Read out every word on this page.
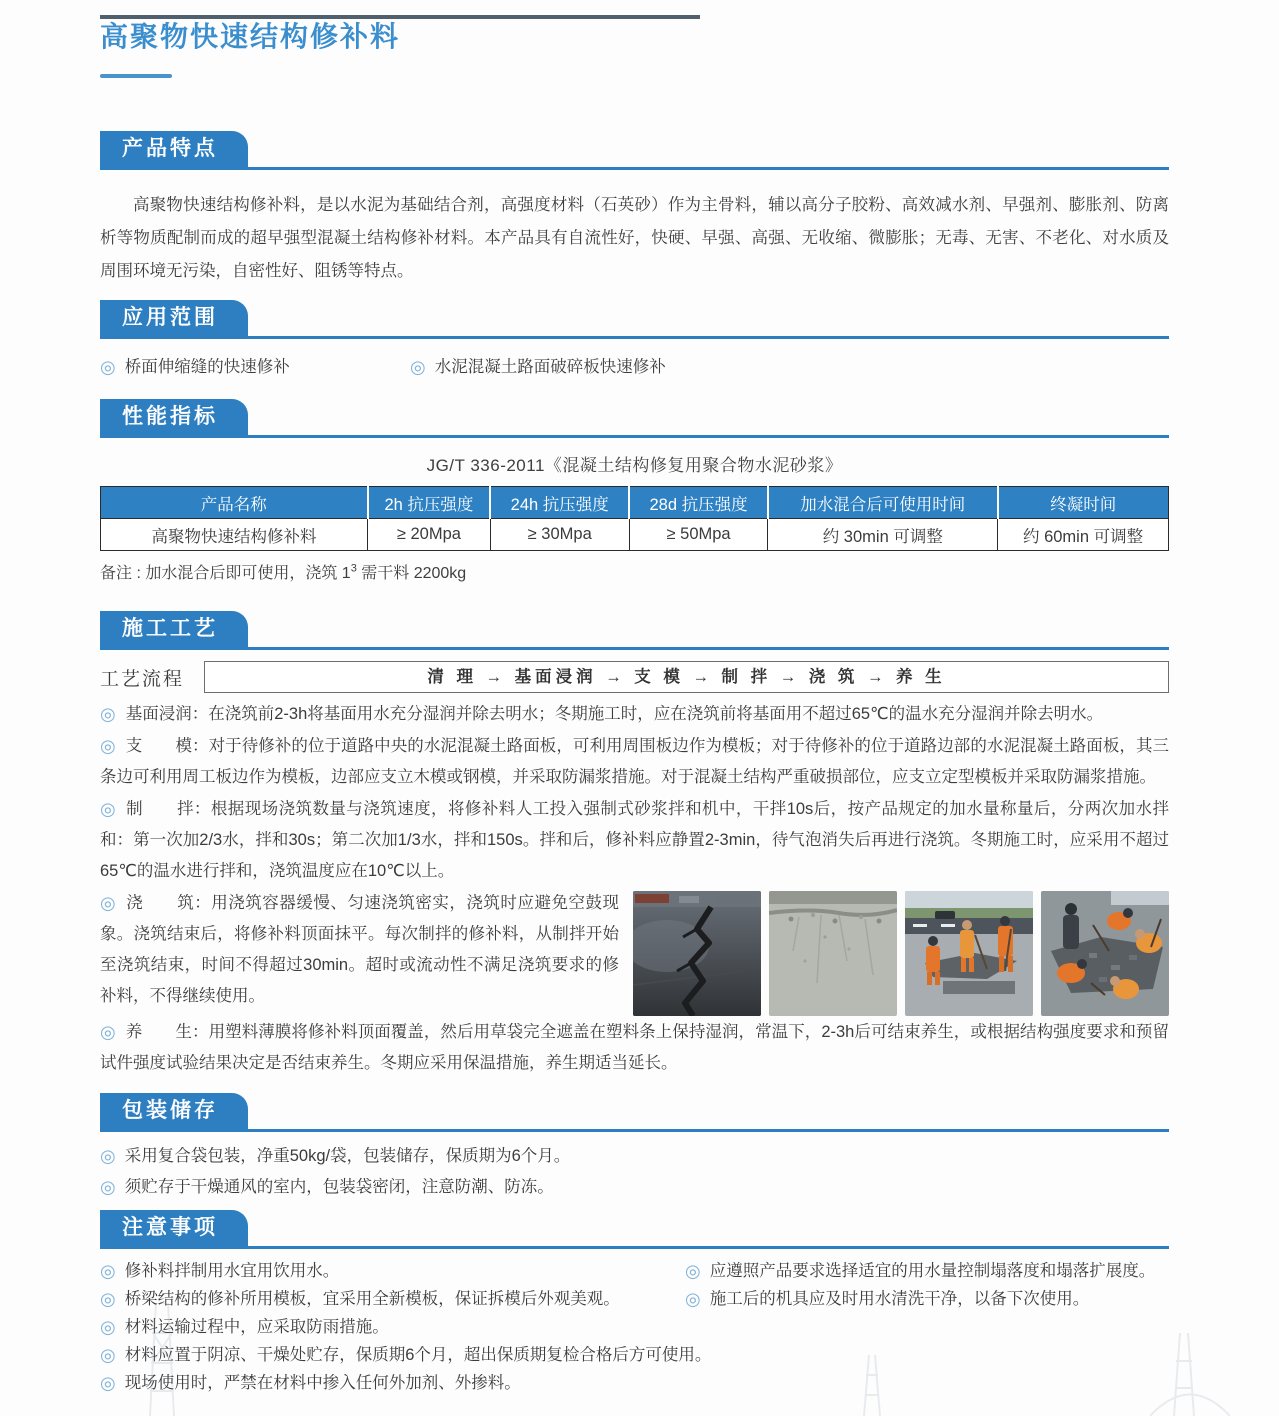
高聚物快速结构修补料
产品特点

高聚物快速结构修补料，是以水泥为基础结合剂，高强度材料（石英砂）作为主骨料，辅以高分子胶粉、高效减水剂、早强剂、膨胀剂、防离析等物质配制而成的超早强型混凝土结构修补材料。本产品具有自流性好，快硬、早强、高强、无收缩、微膨胀；无毒、无害、不老化、对水质及周围环境无污染，自密性好、阻锈等特点。

应用范围
◎ 桥面伸缩缝的快速修补	◎ 水泥混凝土路面破碎板快速修补
性能指标
JG/T 336-2011《混凝土结构修复用聚合物水泥砂浆》
产品名称	2h 抗压强度	24h 抗压强度	28d 抗压强度	加水混合后可使用时间	终凝时间
高聚物快速结构修补料	≥ 20Mpa	≥ 30Mpa	≥ 50Mpa	约 30min 可调整	约 60min 可调整
备注 : 加水混合后即可使用，浇筑 $1^3$ 需干料 2200kg
施工工艺
工艺流程	清 理 → 基面浸润 → 支 模 → 制 拌 → 浇 筑 → 养 生

◎ 基面浸润：在浇筑前2-3h将基面用水充分湿润并除去明水；冬期施工时，应在浇筑前将基面用不超过65℃的温水充分湿润并除去明水。

◎ 支　　模：对于待修补的位于道路中央的水泥混凝土路面板，可利用周围板边作为模板；对于待修补的位于道路边部的水泥混凝土路面板，其三条边可利用周工板边作为模板，边部应支立木模或钢模，并采取防漏浆措施。对于混凝土结构严重破损部位，应支立定型模板并采取防漏浆措施。

◎ 制　　拌：根据现场浇筑数量与浇筑速度，将修补料人工投入强制式砂浆拌和机中，干拌10s后，按产品规定的加水量称量后，分两次加水拌和：第一次加2/3水，拌和30s；第二次加1/3水，拌和150s。拌和后，修补料应静置2-3min，待气泡消失后再进行浇筑。冬期施工时，应采用不超过65℃的温水进行拌和，浇筑温度应在10℃以上。

◎ 浇　　筑：用浇筑容器缓慢、匀速浇筑密实，浇筑时应避免空鼓现象。浇筑结束后，将修补料顶面抹平。每次制拌的修补料，从制拌开始至浇筑结束，时间不得超过30min。超时或流动性不满足浇筑要求的修补料，不得继续使用。

◎ 养　　生：用塑料薄膜将修补料顶面覆盖，然后用草袋完全遮盖在塑料条上保持湿润，常温下，2-3h后可结束养生，或根据结构强度要求和预留试件强度试验结果决定是否结束养生。冬期应采用保温措施，养生期适当延长。

包装储存
◎ 采用复合袋包装，净重50kg/袋，包装储存，保质期为6个月。
◎ 须贮存于干燥通风的室内，包装袋密闭，注意防潮、防冻。
注意事项
◎ 修补料拌制用水宜用饮用水。	◎ 应遵照产品要求选择适宜的用水量控制塌落度和塌落扩展度。
◎ 桥梁结构的修补所用模板，宜采用全新模板，保证拆模后外观美观。	◎ 施工后的机具应及时用水清洗干净，以备下次使用。
◎ 材料运输过程中，应采取防雨措施。
◎ 材料应置于阴凉、干燥处贮存，保质期6个月，超出保质期复检合格后方可使用。
◎ 现场使用时，严禁在材料中掺入任何外加剂、外掺料。
